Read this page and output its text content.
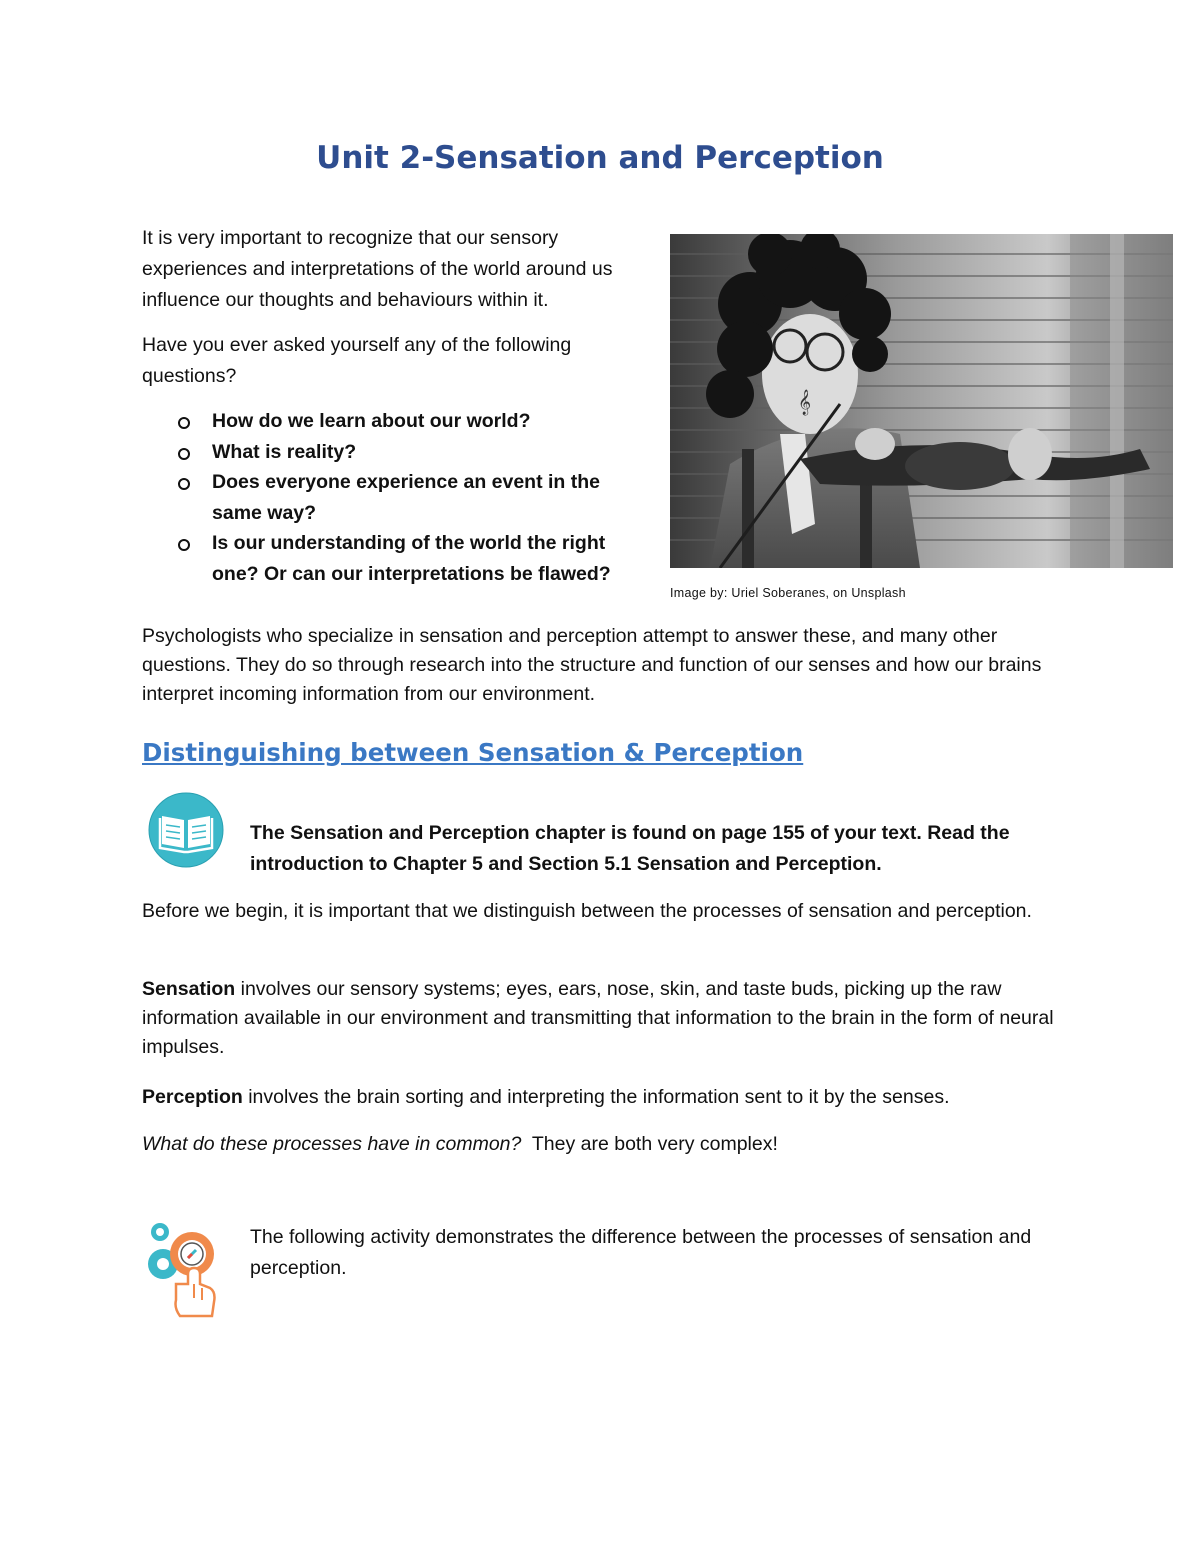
Unit 2-Sensation and Perception

It is very important to recognize that our sensory experiences and interpretations of the world around us influence our thoughts and behaviours within it.

Have you ever asked yourself any of the following questions?

How do we learn about our world?
What is reality?
Does everyone experience an event in the same way?
Is our understanding of the world the right one? Or can our interpretations be flawed?
𝄞
Image by: Uriel Soberanes, on Unsplash

Psychologists who specialize in sensation and perception attempt to answer these, and many other questions. They do so through research into the structure and function of our senses and how our brains interpret incoming information from our environment.

Distinguishing between Sensation & Perception

The Sensation and Perception chapter is found on page 155 of your text. Read the introduction to Chapter 5 and Section 5.1 Sensation and Perception.

Before we begin, it is important that we distinguish between the processes of sensation and perception.

Sensation involves our sensory systems; eyes, ears, nose, skin, and taste buds, picking up the raw information available in our environment and transmitting that information to the brain in the form of neural impulses.

Perception involves the brain sorting and interpreting the information sent to it by the senses.

What do these processes have in common?  They are both very complex!

The following activity demonstrates the difference between the processes of sensation and perception.
